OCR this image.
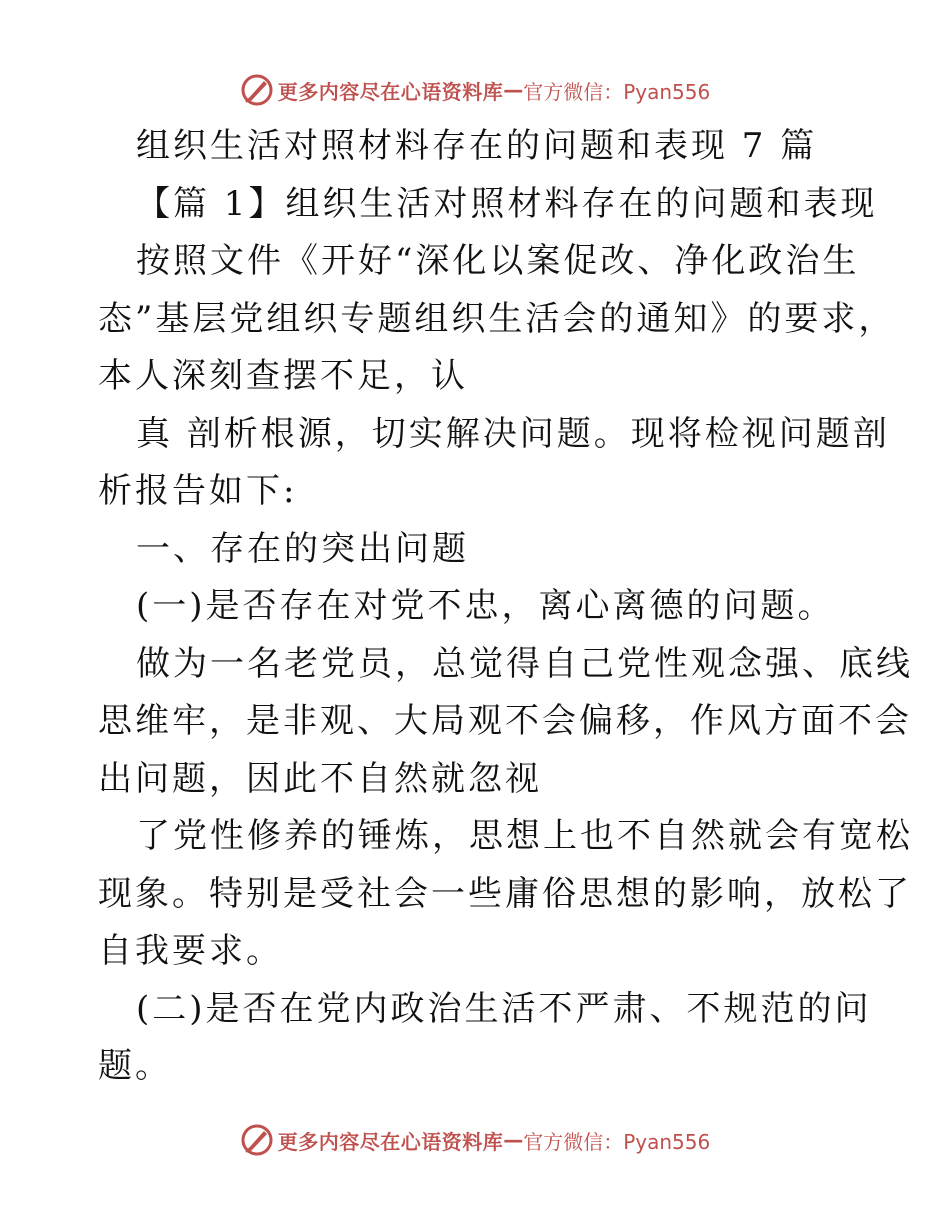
更多内容尽在心语资料库 — 官方微信：Pyan556
组织生活对照材料存在的问题和表现 7 篇
【篇 1】组织生活对照材料存在的问题和表现
按照文件《开好“深化以案促改、净化政治生
态”基层党组织专题组织生活会的通知》的要求，
本人深刻查摆不足，认
真 剖析根源，切实解决问题。现将检视问题剖
析报告如下:
一、存在的突出问题
(一)是否存在对党不忠，离心离德的问题。
做为一名老党员，总觉得自己党性观念强、底线
思维牢，是非观、大局观不会偏移，作风方面不会
出问题，因此不自然就忽视
了党性修养的锤炼，思想上也不自然就会有宽松
现象。特别是受社会一些庸俗思想的影响，放松了
自我要求。
(二)是否在党内政治生活不严肃、不规范的问
题。
更多内容尽在心语资料库 — 官方微信：Pyan556
